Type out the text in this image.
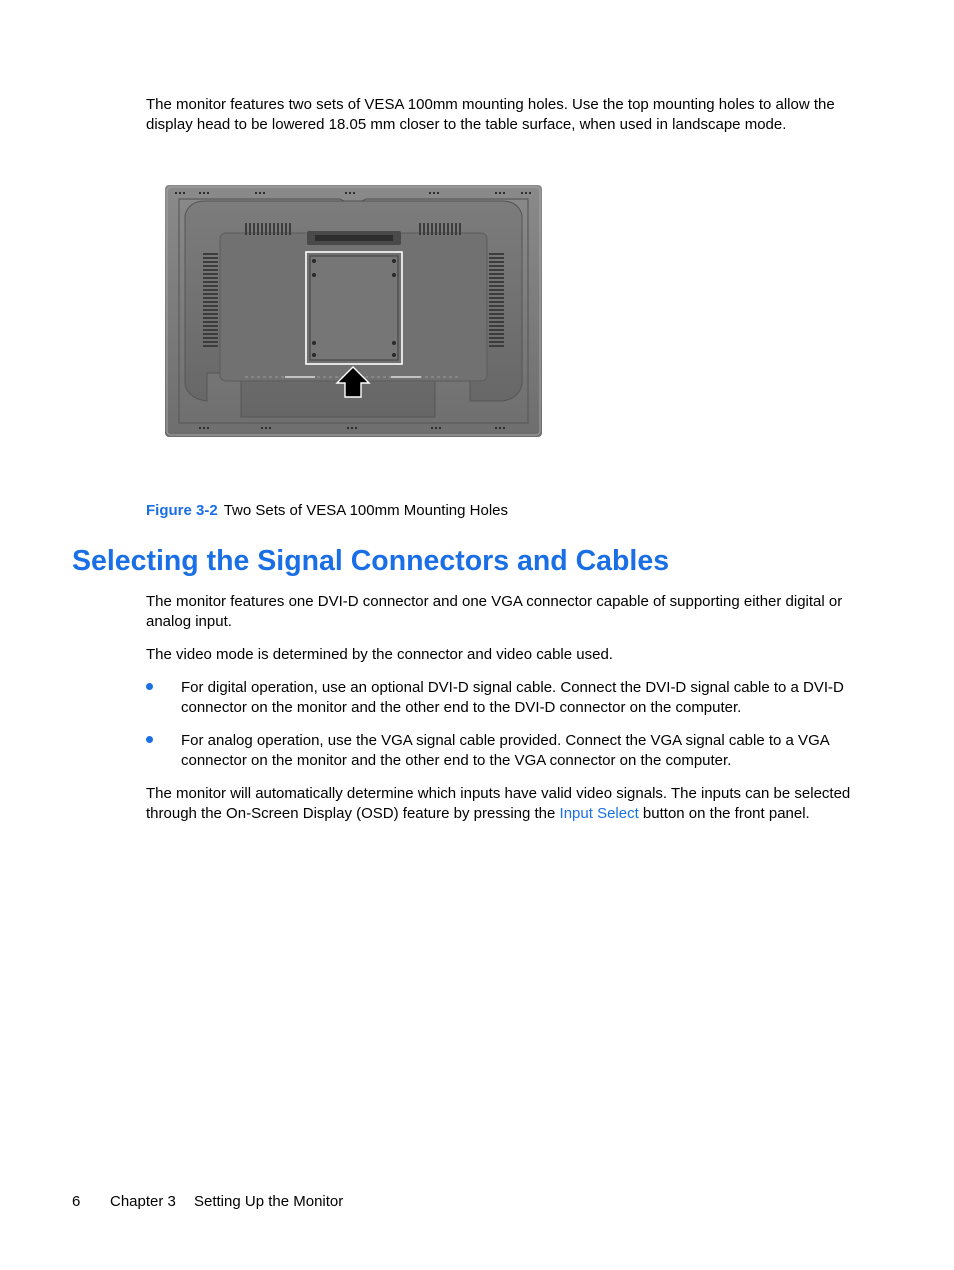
The monitor features two sets of VESA 100mm mounting holes. Use the top mounting holes to allow the display head to be lowered 18.05 mm closer to the table surface, when used in landscape mode.

Figure 3-2 Two Sets of VESA 100mm Mounting Holes
Selecting the Signal Connectors and Cables

The monitor features one DVI-D connector and one VGA connector capable of supporting either digital or analog input.

The video mode is determined by the connector and video cable used.

For digital operation, use an optional DVI-D signal cable. Connect the DVI-D signal cable to a DVI-D connector on the monitor and the other end to the DVI-D connector on the computer.
For analog operation, use the VGA signal cable provided. Connect the VGA signal cable to a VGA connector on the monitor and the other end to the VGA connector on the computer.

The monitor will automatically determine which inputs have valid video signals. The inputs can be selected through the On-Screen Display (OSD) feature by pressing the Input Select button on the front panel.

6 Chapter 3 Setting Up the Monitor
